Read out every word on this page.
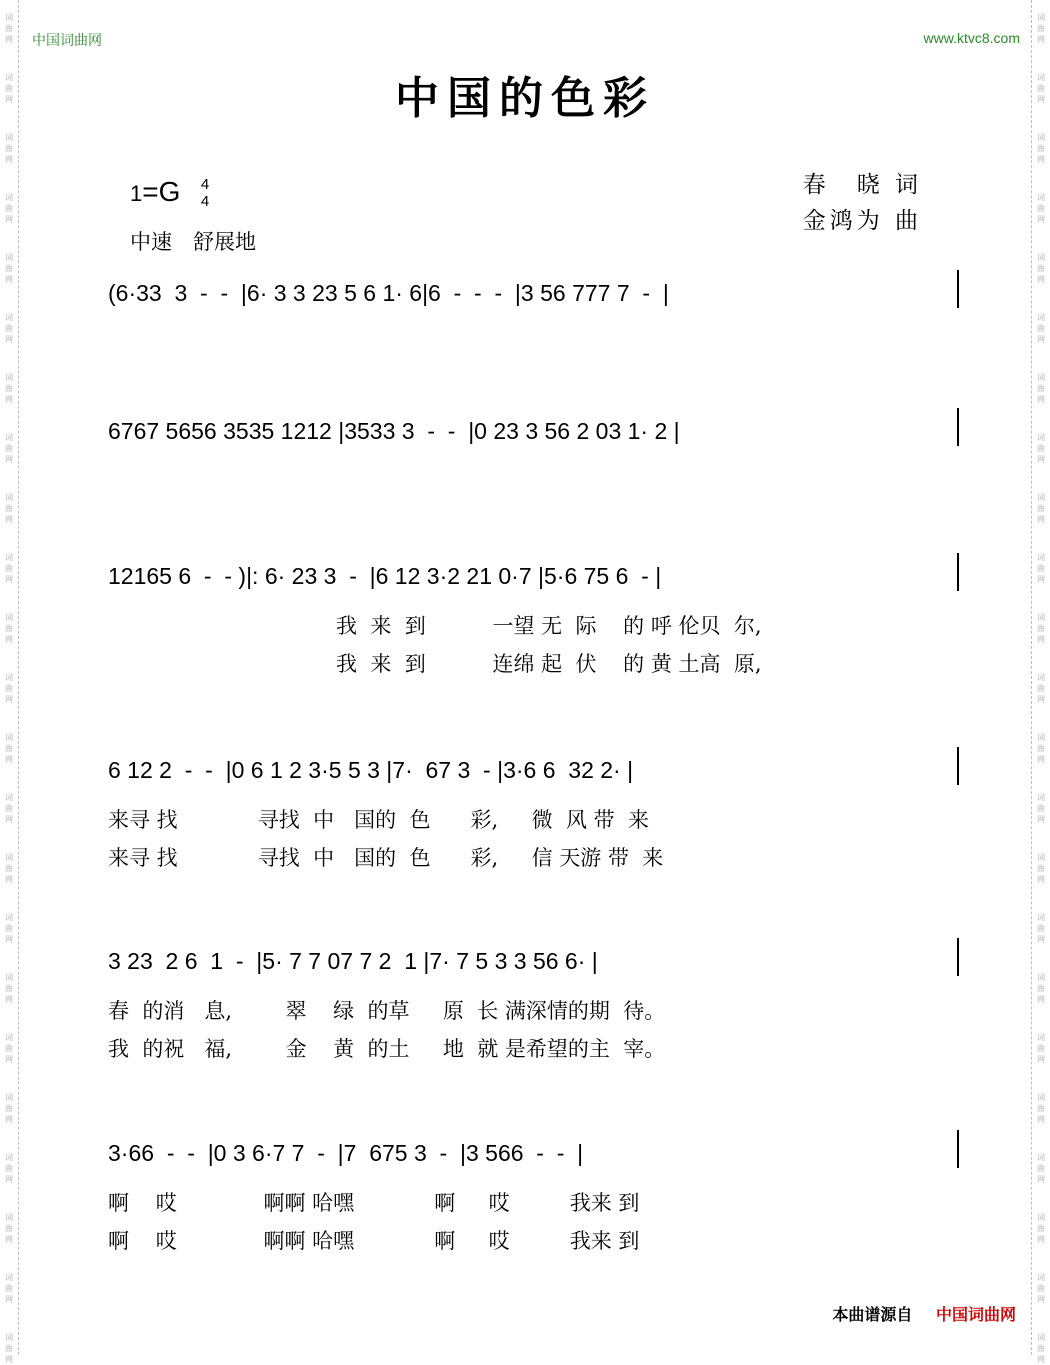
词
曲
网
词
曲
网
词
曲
网
词
曲
网
词
曲
网
词
曲
网
词
曲
网
词
曲
网
词
曲
网
词
曲
网
词
曲
网
词
曲
网
词
曲
网
词
曲
网
词
曲
网
词
曲
网
词
曲
网
词
曲
网
词
曲
网
词
曲
网
词
曲
网
词
曲
网
词
曲
网
词
曲
网
词
曲
网
词
曲
网
词
曲
网
词
曲
网
词
曲
网
词
曲
网
词
曲
网
词
曲
网
词
曲
网
词
曲
网
词
曲
网
词
曲
网
词
曲
网
词
曲
网
词
曲
网
词
曲
网
词
曲
网
词
曲
网
词
曲
网
词
曲
网
词
曲
网
词
曲
网
中国词曲网	www.ktvc8.com
中国的色彩
1=G 4
4
中速　舒展地
春　晓 词
金鸿为 曲
(6·33  3  -  -  |6· 3 3 23 5 6 1· 6|6  -  -  -  |3 56 777 7  -  |
6767 5656 3535 1212 |3533 3  -  -  |0 23 3 56 2 03 1· 2 |
12165 6  -  - )|: 6· 23 3  -  |6 12 3·2 21 0·7 |5·6 75 6  - |
我  来  到          一望 无  际    的 呼 伦贝  尔,
我  来  到          连绵 起  伏    的 黄 土高  原,
6 12 2  -  -  |0 6 1 2 3·5 5 3 |7·  67 3  - |3·6 6  32 2· |
来寻 找            寻找  中   国的  色      彩,     微  风 带  来
来寻 找            寻找  中   国的  色      彩,     信 天游 带  来
3 23  2 6  1  -  |5· 7 7 07 7 2  1 |7· 7 5 3 3 56 6· |
春  的消   息,        翠    绿  的草     原  长 满深情的期  待。
我  的祝   福,        金    黄  的土     地  就 是希望的主  宰。
3·66  -  -  |0 3 6·7 7  -  |7  675 3  -  |3 566  -  -  |
啊    哎             啊啊 哈嘿            啊     哎         我来 到
啊    哎             啊啊 哈嘿            啊     哎         我来 到
本曲谱源自 中国词曲网
